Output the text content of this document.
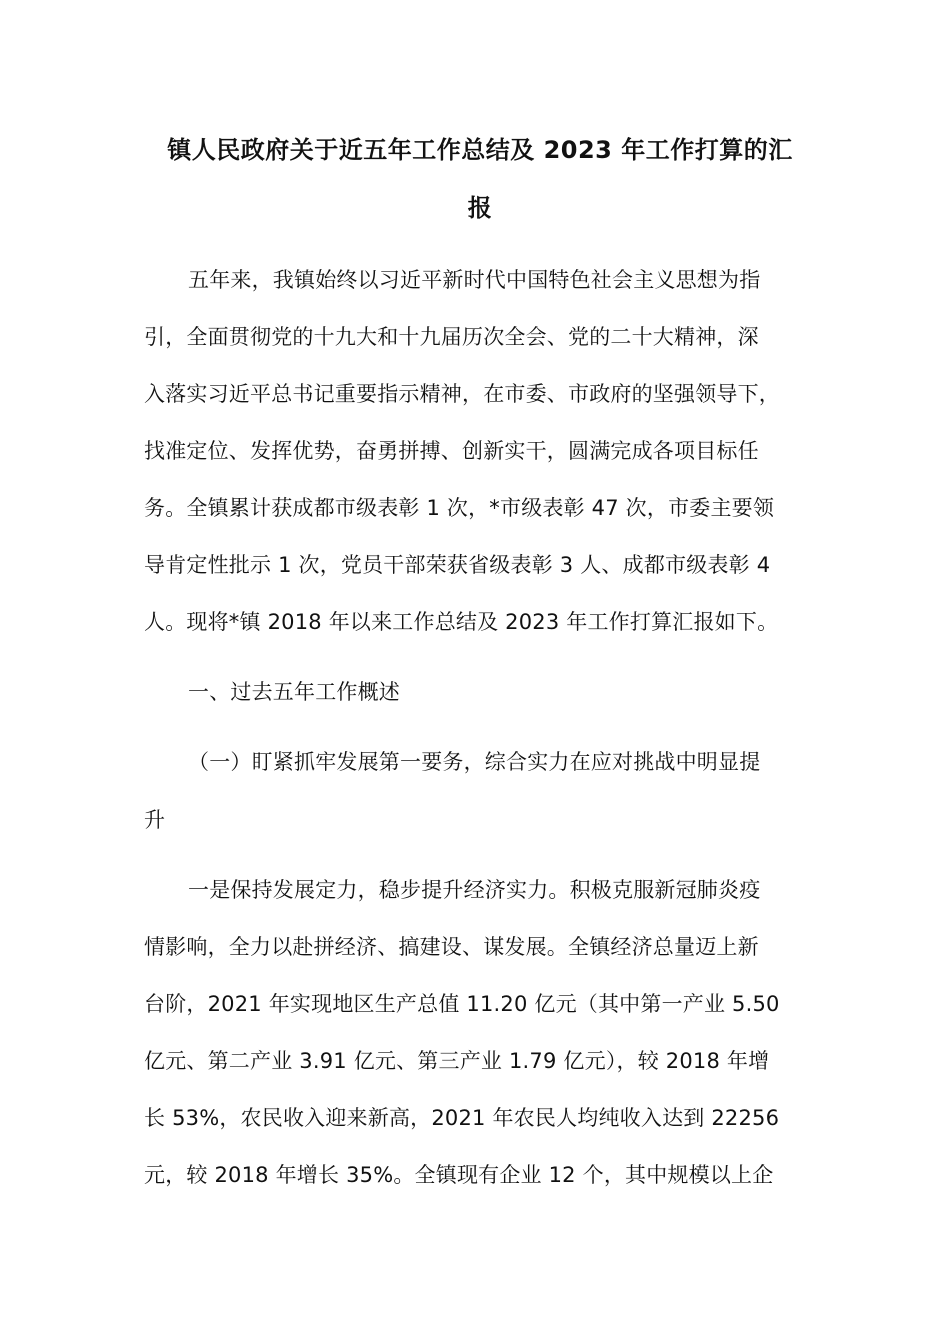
镇人民政府关于近五年工作总结及 2023 年工作打算的汇
报
五年来，我镇始终以习近平新时代中国特色社会主义思想为指
引，全面贯彻党的十九大和十九届历次全会、党的二十大精神，深
入落实习近平总书记重要指示精神，在市委、市政府的坚强领导下，
找准定位、发挥优势，奋勇拼搏、创新实干，圆满完成各项目标任
务。全镇累计获成都市级表彰 1 次，*市级表彰 47 次，市委主要领
导肯定性批示 1 次，党员干部荣获省级表彰 3 人、成都市级表彰 4
人。现将*镇 2018 年以来工作总结及 2023 年工作打算汇报如下。
一、过去五年工作概述
（一）盯紧抓牢发展第一要务，综合实力在应对挑战中明显提
升
一是保持发展定力，稳步提升经济实力。积极克服新冠肺炎疫
情影响，全力以赴拼经济、搞建设、谋发展。全镇经济总量迈上新
台阶，2021 年实现地区生产总值 11.20 亿元（其中第一产业 5.50
亿元、第二产业 3.91 亿元、第三产业 1.79 亿元），较 2018 年增
长 53%，农民收入迎来新高，2021 年农民人均纯收入达到 22256
元，较 2018 年增长 35%。全镇现有企业 12 个，其中规模以上企
